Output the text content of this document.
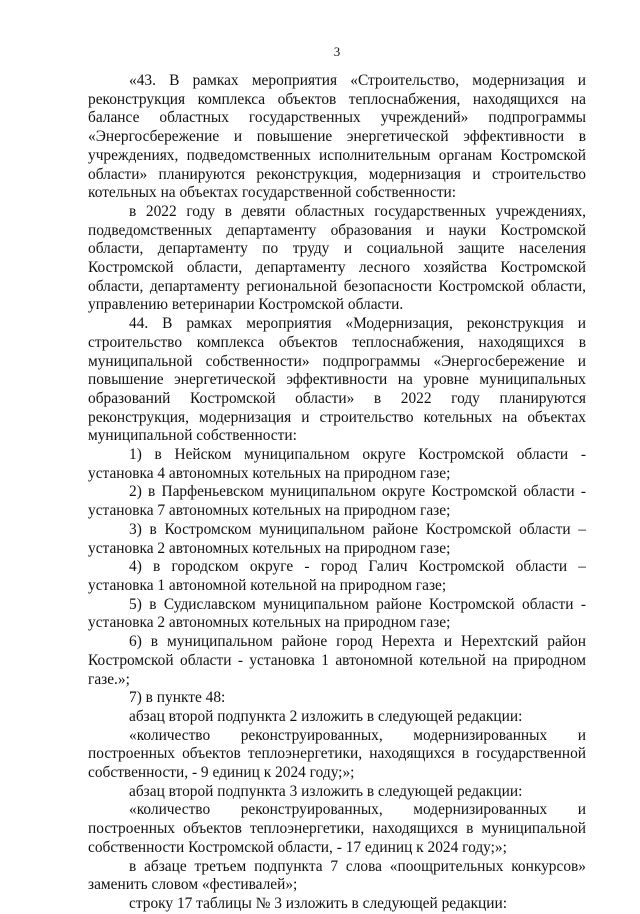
3

«43. В рамках мероприятия «Строительство, модернизация и реконструкция комплекса объектов теплоснабжения, находящихся на балансе областных государственных учреждений» подпрограммы «Энергосбережение и повышение энергетической эффективности в учреждениях, подведомственных исполнительным органам Костромской области» планируются реконструкция, модернизация и строительство котельных на объектах государственной собственности:

в 2022 году в девяти областных государственных учреждениях, подведомственных департаменту образования и науки Костромской области, департаменту по труду и социальной защите населения Костромской области, департаменту лесного хозяйства Костромской области, департаменту региональной безопасности Костромской области, управлению ветеринарии Костромской области.

44. В рамках мероприятия «Модернизация, реконструкция и строительство комплекса объектов теплоснабжения, находящихся в муниципальной собственности» подпрограммы «Энергосбережение и повышение энергетической эффективности на уровне муниципальных образований Костромской области» в 2022 году планируются реконструкция, модернизация и строительство котельных на объектах муниципальной собственности:

1) в Нейском муниципальном округе Костромской области - установка 4 автономных котельных на природном газе;

2) в Парфеньевском муниципальном округе Костромской области - установка 7 автономных котельных на природном газе;

3) в Костромском муниципальном районе Костромской области – установка 2 автономных котельных на природном газе;

4) в городском округе - город Галич Костромской области – установка 1 автономной котельной на природном газе;

5) в Судиславском муниципальном районе Костромской области - установка 2 автономных котельных на природном газе;

6) в муниципальном районе город Нерехта и Нерехтский район Костромской области - установка 1 автономной котельной на природном газе.»;

7) в пункте 48:

абзац второй подпункта 2 изложить в следующей редакции:

«количество реконструированных, модернизированных и построенных объектов теплоэнергетики, находящихся в государственной собственности, - 9 единиц к 2024 году;»;

абзац второй подпункта 3 изложить в следующей редакции:

«количество реконструированных, модернизированных и построенных объектов теплоэнергетики, находящихся в муниципальной собственности Костромской области, - 17 единиц к 2024 году;»;

в абзаце третьем подпункта 7 слова «поощрительных конкурсов» заменить словом «фестивалей»;

строку 17 таблицы № 3 изложить в следующей редакции:
